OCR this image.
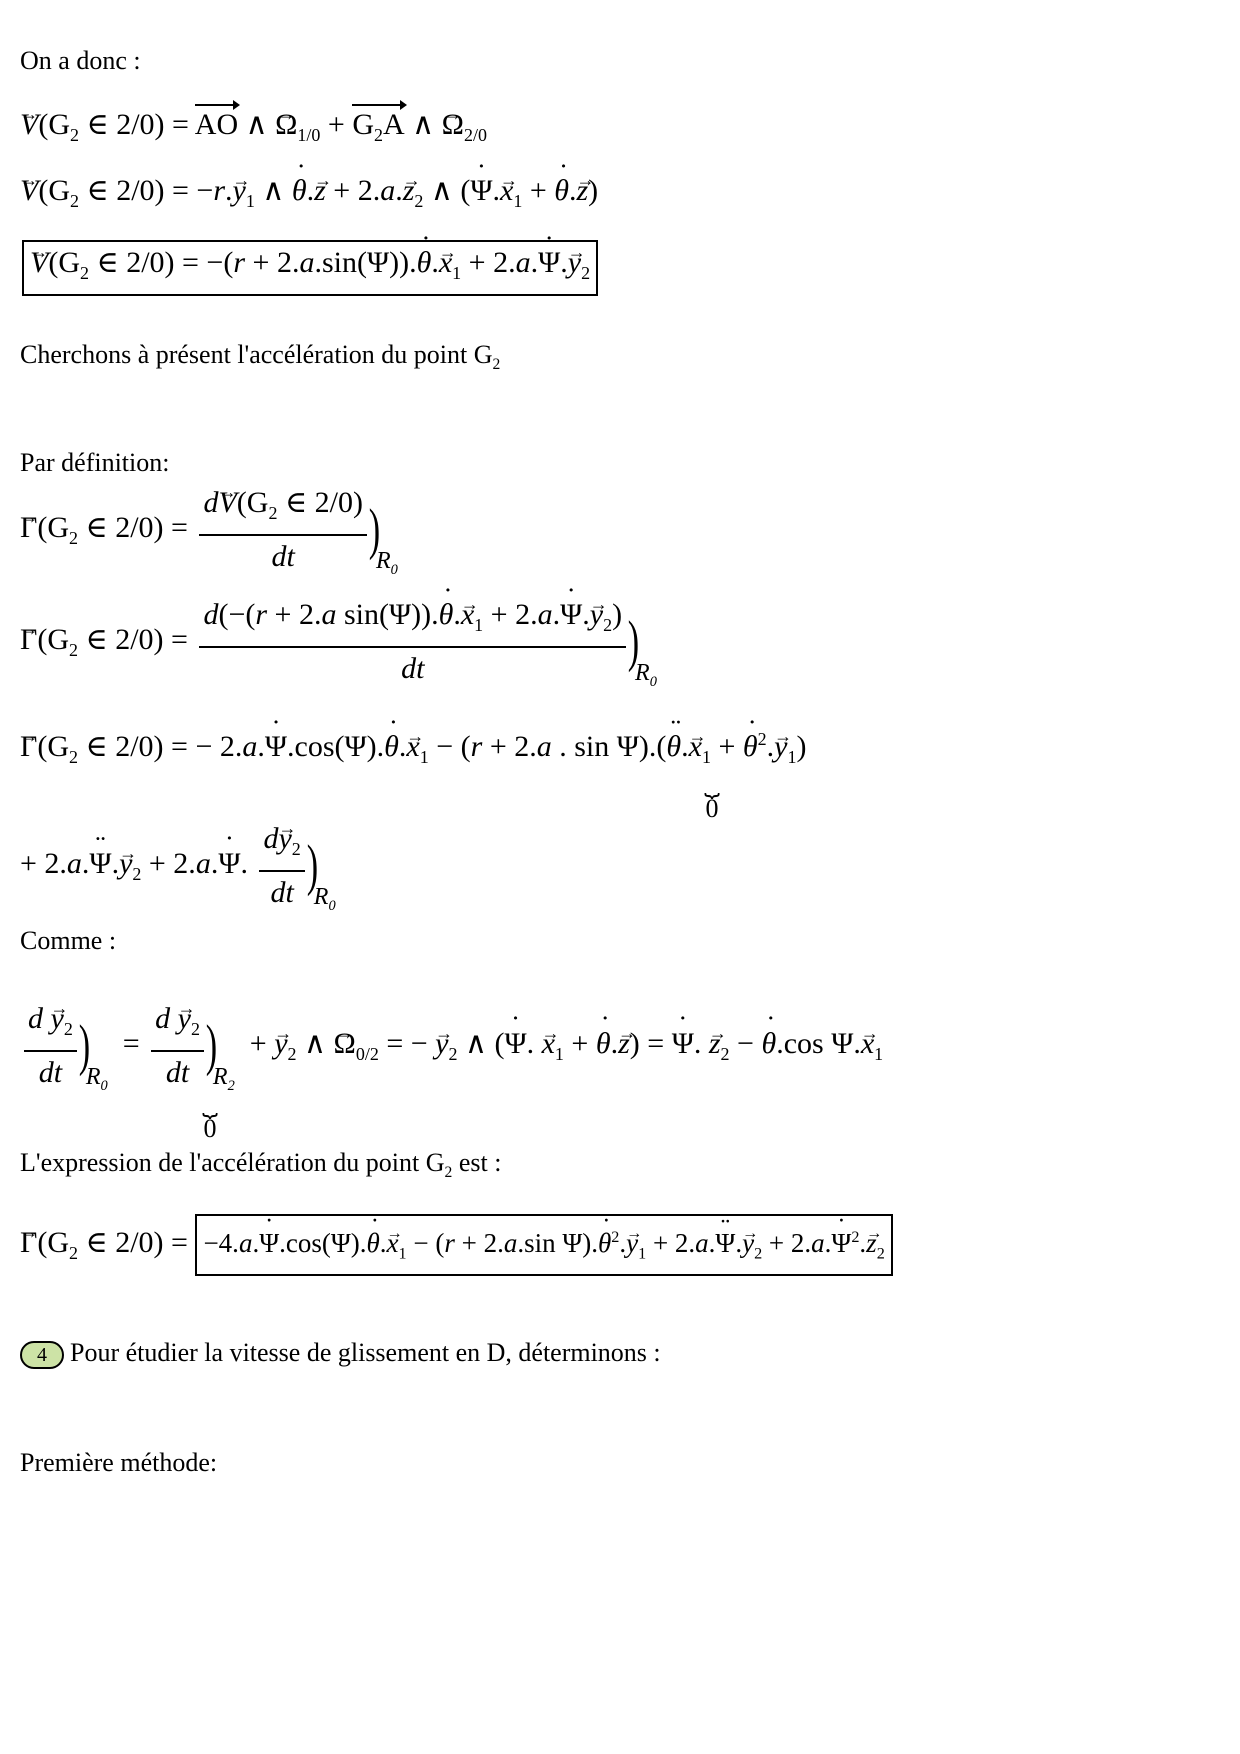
On a donc :
→ $V(G_2$ ∈ 2/0) = AO ∧ → $\Omega_{1/0} + G_2A$ ∧ → $\Omega_{2/0}$
→ $V(G_2$ ∈ $2/0) = -r.\to y_1$ ∧ ˙ $\theta.\to z + 2.a.\to z_2$ ∧ (˙ $\Psi.\to x_1$ + ˙ θ.→ z)
→ $V(G_2$ ∈ 2/0) = −(r + 2.a.sin(Ψ)).˙ $\theta.\to x_1$ + 2.a.˙ $\Psi.\to y_2$
Cherchons à présent l'accélération du point $G_2$
Par définition:
→ $\Gamma(G_2$ ∈ $2/0) = \frac{d\to V(G_2 \in 2/0)}{dt} )R_0$
→ $\Gamma(G_2$ ∈ $2/0) = \frac{d(-(r + 2.a \sin(\Psi)).˙ \theta.\to x_1 + 2.a.˙ \Psi.\to y_2)}{dt} )R_0$
→ $\Gamma(G_2$ ∈ 2/0) = − 2.a.˙ Ψ.cos(Ψ).˙ $\theta.\to x_1 - (r + 2.a$ . sin Ψ).(¨ $\theta.\to x_1$ + ˙ $\theta^2.\to y_1$)
⏟
0
+ 2.a.¨ $\Psi.\to y_2$ + 2.a.˙ Ψ. $\frac{d\to y_2}{dt} )R_0$
Comme :
$\frac{d \to y_2}{dt} )R_0 = \frac{d \to y_2}{dt} )R_2$  + → $y_2$ ∧ → $\Omega_{0/2}$ = − → $y_2$ ∧ (˙ Ψ. → $x_1$ + ˙ θ.→ z) = ˙ Ψ. → $z_2$ − ˙ θ.cos $\Psi.\to x_1$
⏟
0
L'expression de l'accélération du point $G_2$ est :
→ $\Gamma(G_2$ ∈ 2/0) = −4.a.˙ Ψ.cos(Ψ).˙ $\theta.\to x_1 - (r + 2.a.\sin$ Ψ).˙ $\theta^2.\to y_1$ + 2.a.¨ $\Psi.\to y_2$ + 2.a.˙ $\Psi^2.\to z_2$
4 Pour étudier la vitesse de glissement en D, déterminons :
Première méthode:
